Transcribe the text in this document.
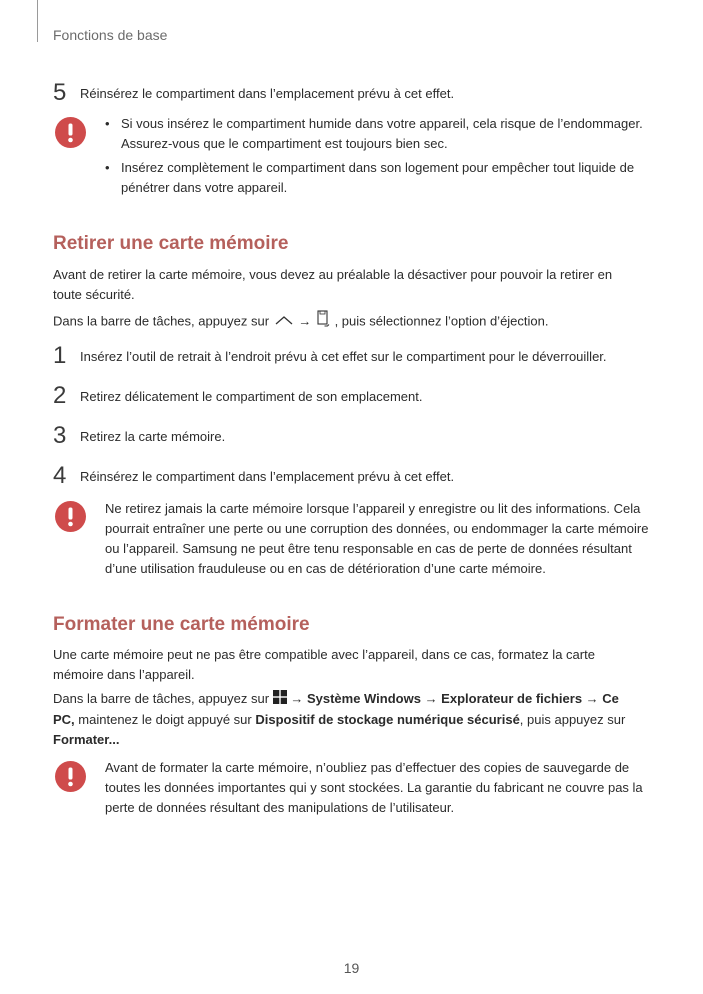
Fonctions de base
5 Réinsérez le compartiment dans l’emplacement prévu à cet effet.
• Si vous insérez le compartiment humide dans votre appareil, cela risque de l’endommager. Assurez-vous que le compartiment est toujours bien sec.
• Insérez complètement le compartiment dans son logement pour empêcher tout liquide de pénétrer dans votre appareil.
Retirer une carte mémoire
Avant de retirer la carte mémoire, vous devez au préalable la désactiver pour pouvoir la retirer en toute sécurité.
Dans la barre de tâches, appuyez sur → , puis sélectionnez l’option d’éjection.
1 Insérez l’outil de retrait à l’endroit prévu à cet effet sur le compartiment pour le déverrouiller.
2 Retirez délicatement le compartiment de son emplacement.
3 Retirez la carte mémoire.
4 Réinsérez le compartiment dans l’emplacement prévu à cet effet.
Ne retirez jamais la carte mémoire lorsque l’appareil y enregistre ou lit des informations. Cela pourrait entraîner une perte ou une corruption des données, ou endommager la carte mémoire ou l’appareil. Samsung ne peut être tenu responsable en cas de perte de données résultant d’une utilisation frauduleuse ou en cas de détérioration d’une carte mémoire.
Formater une carte mémoire
Une carte mémoire peut ne pas être compatible avec l’appareil, dans ce cas, formatez la carte mémoire dans l’appareil.
Dans la barre de tâches, appuyez sur → Système Windows → Explorateur de fichiers → Ce PC, maintenez le doigt appuyé sur Dispositif de stockage numérique sécurisé, puis appuyez sur Formater...
Avant de formater la carte mémoire, n’oubliez pas d’effectuer des copies de sauvegarde de toutes les données importantes qui y sont stockées. La garantie du fabricant ne couvre pas la perte de données résultant des manipulations de l’utilisateur.
19
